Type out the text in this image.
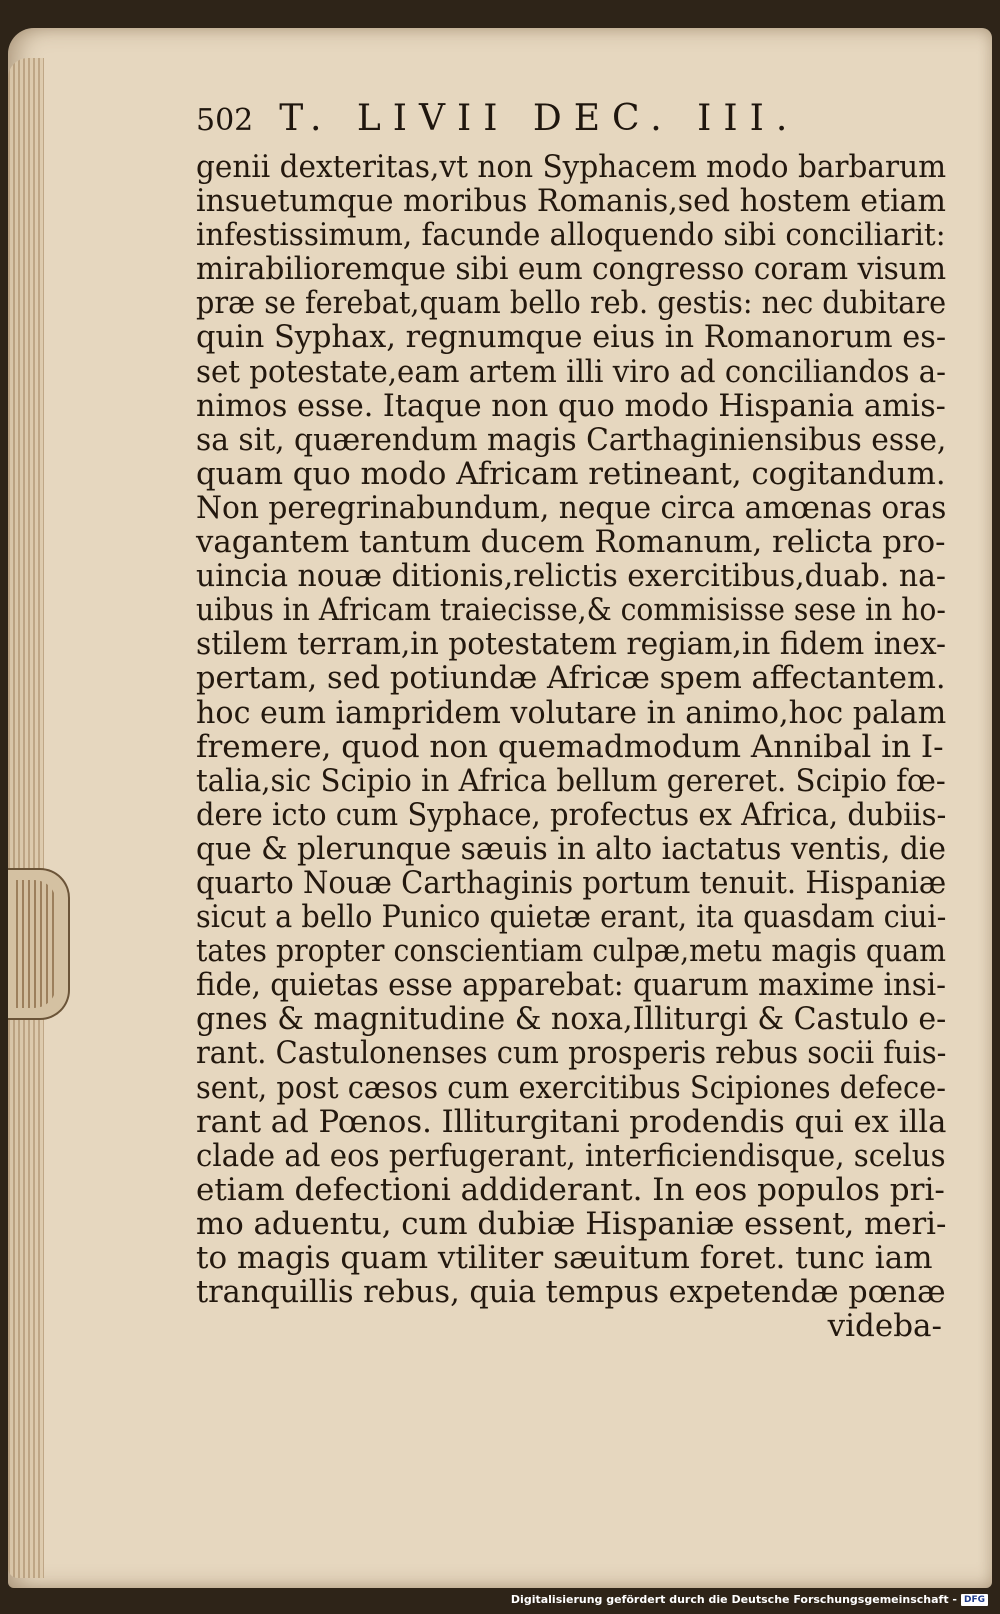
502 T. LIVII DEC. III.
genii dexteritas,vt non Syphacem modo barbarum
insuetumque moribus Romanis,sed hostem etiam
infestissimum, facunde alloquendo sibi conciliarit:
mirabilioremque sibi eum congresso coram visum
præ se ferebat,quam bello reb. gestis: nec dubitare
quin Syphax, regnumque eius in Romanorum es-
set potestate,eam artem illi viro ad conciliandos a-
nimos esse. Itaque non quo modo Hispania amis-
sa sit, quærendum magis Carthaginiensibus esse,
quam quo modo Africam retineant, cogitandum.
Non peregrinabundum, neque circa amœnas oras
vagantem tantum ducem Romanum, relicta pro-
uincia nouæ ditionis,relictis exercitibus,duab. na-
uibus in Africam traiecisse,& commisisse sese in ho-
stilem terram,in potestatem regiam,in fidem inex-
pertam, sed potiundæ Africæ spem affectantem.
hoc eum iampridem volutare in animo,hoc palam
fremere, quod non quemadmodum Annibal in I-
talia,sic Scipio in Africa bellum gereret. Scipio fœ-
dere icto cum Syphace, profectus ex Africa, dubiis-
que & plerunque sæuis in alto iactatus ventis, die
quarto Nouæ Carthaginis portum tenuit. Hispaniæ
sicut a bello Punico quietæ erant, ita quasdam ciui-
tates propter conscientiam culpæ,metu magis quam
fide, quietas esse apparebat: quarum maxime insi-
gnes & magnitudine & noxa,Illiturgi & Castulo e-
rant. Castulonenses cum prosperis rebus socii fuis-
sent, post cæsos cum exercitibus Scipiones defece-
rant ad Pœnos. Illiturgitani prodendis qui ex illa
clade ad eos perfugerant, interficiendisque, scelus
etiam defectioni addiderant. In eos populos pri-
mo aduentu, cum dubiæ Hispaniæ essent, meri-
to magis quam vtiliter sæuitum foret. tunc iam
tranquillis rebus, quia tempus expetendæ pœnæ
videba-
Digitalisierung gefördert durch die Deutsche Forschungsgemeinschaft - DFG
